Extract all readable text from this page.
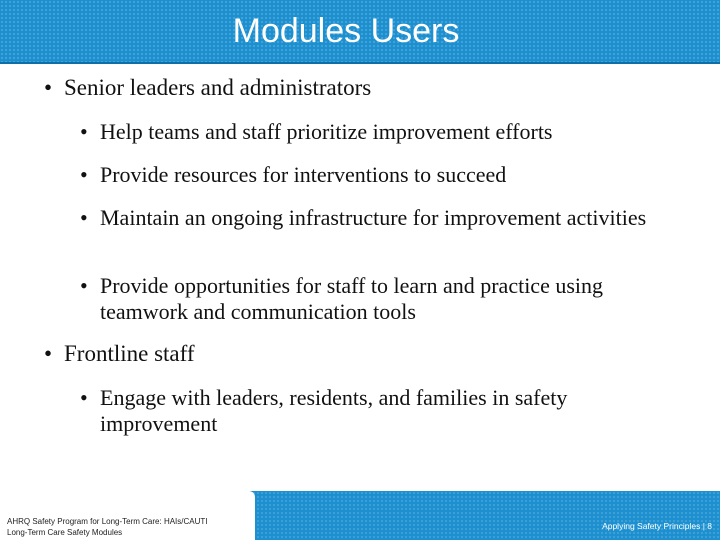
Modules Users
• Senior leaders and administrators
• Help teams and staff prioritize improvement efforts
• Provide resources for interventions to succeed
• Maintain an ongoing infrastructure for improvement activities
• Provide opportunities for staff to learn and practice using teamwork and communication tools
• Frontline staff
• Engage with leaders, residents, and families in safety improvement
AHRQ Safety Program for Long-Term Care: HAIs/CAUTI
Long-Term Care Safety Modules
Applying Safety Principles | 8
